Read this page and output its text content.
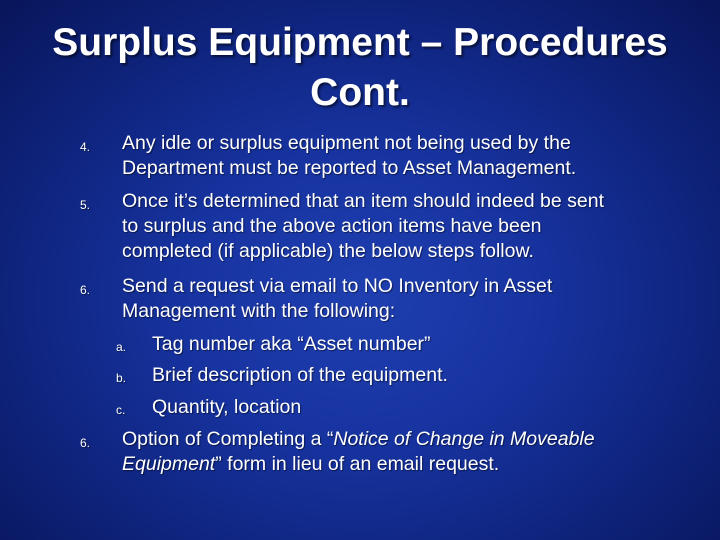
Surplus Equipment – Procedures
Cont.
4. Any idle or surplus equipment not being used by the
Department must be reported to Asset Management.
5. Once it’s determined that an item should indeed be sent
to surplus and the above action items have been
completed (if applicable) the below steps follow.
6. Send a request via email to NO Inventory in Asset
Management with the following:
a. Tag number aka “Asset number”
b. Brief description of the equipment.
c. Quantity, location
6. Option of Completing a “Notice of Change in Moveable
Equipment” form in lieu of an email request.
